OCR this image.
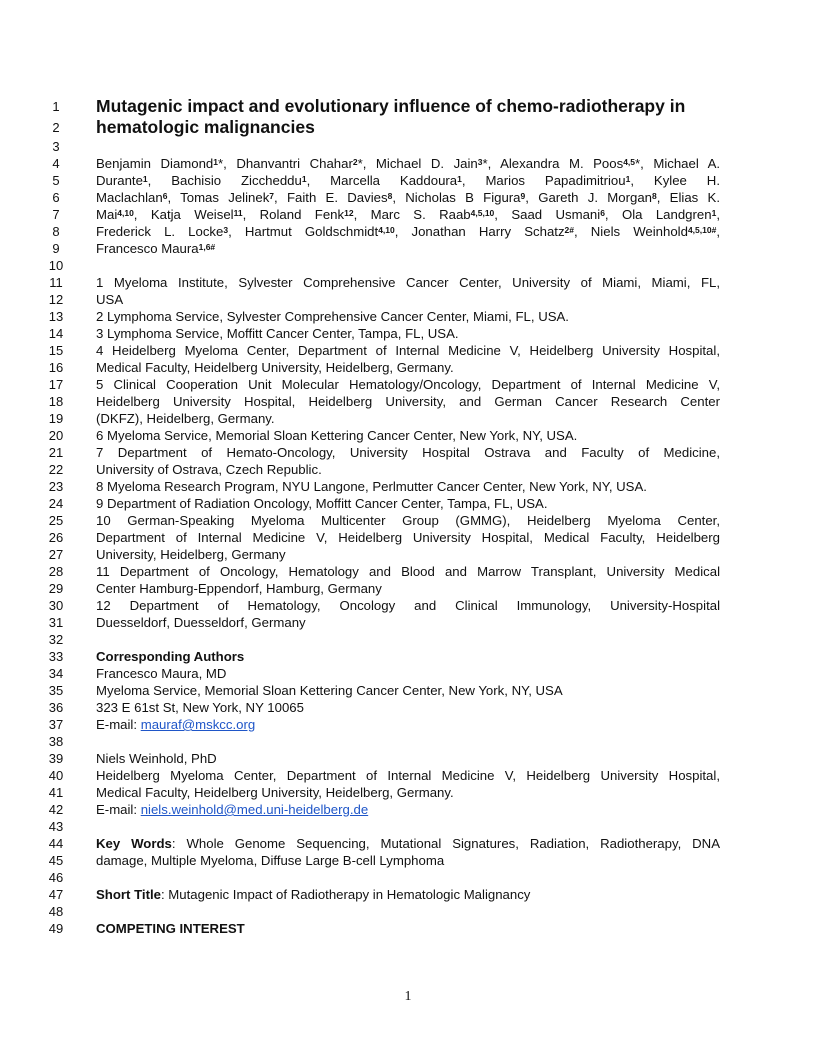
1	Mutagenic impact and evolutionary influence of chemo-radiotherapy in
2	hematologic malignancies
3
4	Benjamin Diamond$^1$*, Dhanvantri Chahar$^2$*, Michael D. Jain$^3$*, Alexandra M. Poos$^{4,5}$*, Michael A.
5	Durante$^1$, Bachisio Ziccheddu$^1$, Marcella Kaddoura$^1$, Marios Papadimitriou$^1$, Kylee H.
6	Maclachlan$^6$, Tomas Jelinek$^7$, Faith E. Davies$^8$, Nicholas B Figura$^9$, Gareth J. Morgan$^8$, Elias K.
7	Mai$^{4,10}$, Katja Weisel$^{11}$, Roland Fenk$^{12}$, Marc S. Raab$^{4,5,10}$, Saad Usmani$^6$, Ola Landgren$^1$,
8	Frederick L. Locke$^3$, Hartmut Goldschmidt$^{4,10}$, Jonathan Harry Schatz$^{2\#}$, Niels Weinhold$^{4,5,10\#}$,
9	Francesco Maura$^{1,6\#}$
10
11	1 Myeloma Institute, Sylvester Comprehensive Cancer Center, University of Miami, Miami, FL,
12	USA
13	2 Lymphoma Service, Sylvester Comprehensive Cancer Center, Miami, FL, USA.
14	3 Lymphoma Service, Moffitt Cancer Center, Tampa, FL, USA.
15	4 Heidelberg Myeloma Center, Department of Internal Medicine V, Heidelberg University Hospital,
16	Medical Faculty, Heidelberg University, Heidelberg, Germany.
17	5 Clinical Cooperation Unit Molecular Hematology/Oncology, Department of Internal Medicine V,
18	Heidelberg University Hospital, Heidelberg University, and German Cancer Research Center
19	(DKFZ), Heidelberg, Germany.
20	6 Myeloma Service, Memorial Sloan Kettering Cancer Center, New York, NY, USA.
21	7 Department of Hemato-Oncology, University Hospital Ostrava and Faculty of Medicine,
22	University of Ostrava, Czech Republic.
23	8 Myeloma Research Program, NYU Langone, Perlmutter Cancer Center, New York, NY, USA.
24	9 Department of Radiation Oncology, Moffitt Cancer Center, Tampa, FL, USA.
25	10 German-Speaking Myeloma Multicenter Group (GMMG), Heidelberg Myeloma Center,
26	Department of Internal Medicine V, Heidelberg University Hospital, Medical Faculty, Heidelberg
27	University, Heidelberg, Germany
28	11 Department of Oncology, Hematology and Blood and Marrow Transplant, University Medical
29	Center Hamburg-Eppendorf, Hamburg, Germany
30	12 Department of Hematology, Oncology and Clinical Immunology, University-Hospital
31	Duesseldorf, Duesseldorf, Germany
32
33	Corresponding Authors
34	Francesco Maura, MD
35	Myeloma Service, Memorial Sloan Kettering Cancer Center, New York, NY, USA
36	323 E 61st St, New York, NY 10065
37	E-mail: mauraf@mskcc.org
38
39	Niels Weinhold, PhD
40	Heidelberg Myeloma Center, Department of Internal Medicine V, Heidelberg University Hospital,
41	Medical Faculty, Heidelberg University, Heidelberg, Germany.
42	E-mail: niels.weinhold@med.uni-heidelberg.de
43
44	Key Words: Whole Genome Sequencing, Mutational Signatures, Radiation, Radiotherapy, DNA
45	damage, Multiple Myeloma, Diffuse Large B-cell Lymphoma
46
47	Short Title: Mutagenic Impact of Radiotherapy in Hematologic Malignancy
48
49	COMPETING INTEREST
1
